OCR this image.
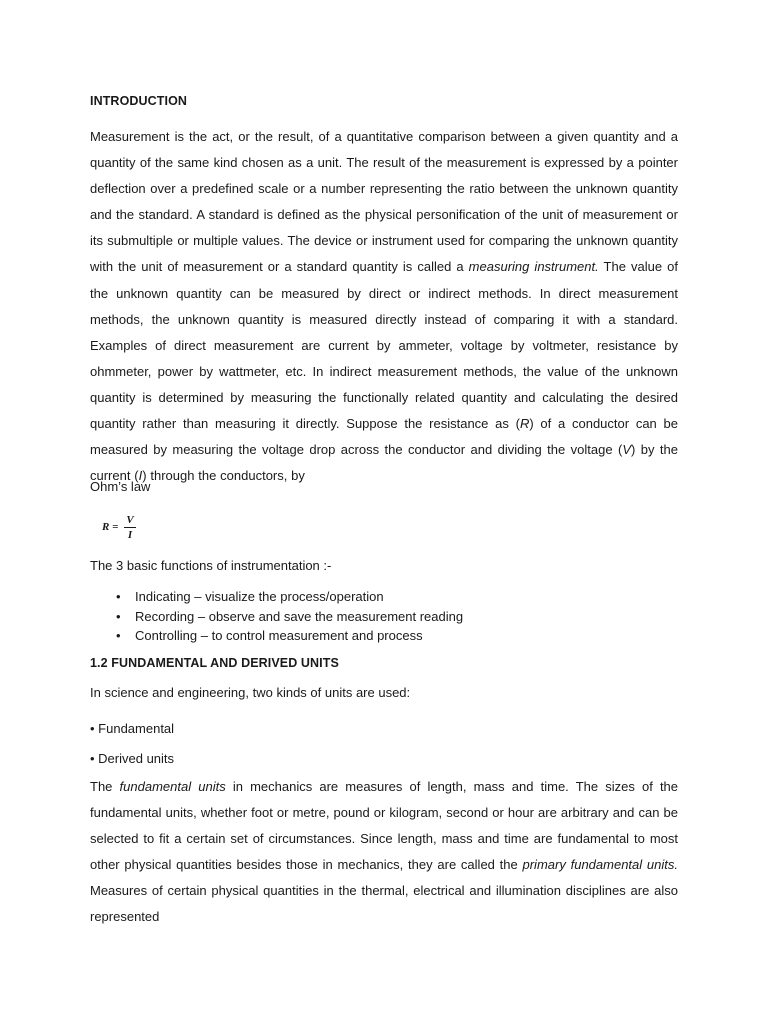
INTRODUCTION
Measurement is the act, or the result, of a quantitative comparison between a given quantity and a quantity of the same kind chosen as a unit. The result of the measurement is expressed by a pointer deflection over a predefined scale or a number representing the ratio between the unknown quantity and the standard. A standard is defined as the physical personification of the unit of measurement or its submultiple or multiple values. The device or instrument used for comparing the unknown quantity with the unit of measurement or a standard quantity is called a measuring instrument. The value of the unknown quantity can be measured by direct or indirect methods. In direct measurement methods, the unknown quantity is measured directly instead of comparing it with a standard. Examples of direct measurement are current by ammeter, voltage by voltmeter, resistance by ohmmeter, power by wattmeter, etc. In indirect measurement methods, the value of the unknown quantity is determined by measuring the functionally related quantity and calculating the desired quantity rather than measuring it directly. Suppose the resistance as (R) of a conductor can be measured by measuring the voltage drop across the conductor and dividing the voltage (V) by the current (I) through the conductors, by
Ohm’s law
R =
V
I
The 3 basic functions of instrumentation :-
• Indicating – visualize the process/operation
• Recording – observe and save the measurement reading
• Controlling – to control measurement and process
1.2 FUNDAMENTAL AND DERIVED UNITS
In science and engineering, two kinds of units are used:
• Fundamental
• Derived units
The fundamental units in mechanics are measures of length, mass and time. The sizes of the fundamental units, whether foot or metre, pound or kilogram, second or hour are arbitrary and can be selected to fit a certain set of circumstances. Since length, mass and time are fundamental to most other physical quantities besides those in mechanics, they are called the primary fundamental units. Measures of certain physical quantities in the thermal, electrical and illumination disciplines are also represented
